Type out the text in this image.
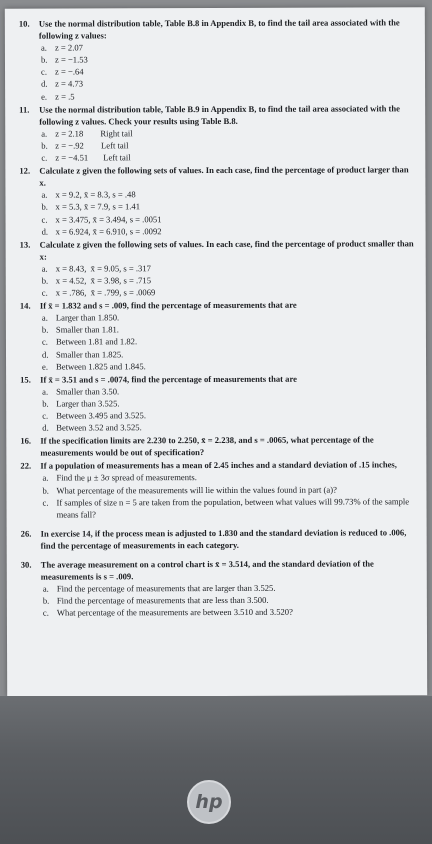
10.	Use the normal distribution table, Table B.8 in Appendix B, to find the tail area associated with the following z values:
a. z = 2.07
b. z = −1.53
c. z = −.64
d. z = 4.73
e. z = .5
11.	Use the normal distribution table, Table B.9 in Appendix B, to find the tail area associated with the following z values. Check your results using Table B.8.
a. z = 2.18        Right tail
b. z = −.92        Left tail
c. z = −4.51       Left tail
12.	Calculate z given the following sets of values. In each case, find the percentage of product larger than x.
a. x = 9.2, x̄ = 8.3, s = .48
b. x = 5.3, x̄ = 7.9, s = 1.41
c. x = 3.475, x̄ = 3.494, s = .0051
d. x = 6.924, x̄ = 6.910, s = .0092
13.	Calculate z given the following sets of values. In each case, find the percentage of product smaller than x:
a. x = 8.43,  x̄ = 9.05, s = .317
b. x = 4.52,  x̄ = 3.98, s = .715
c. x = .786,  x̄ = .799, s = .0069
14.	If x̄ = 1.832 and s = .009, find the percentage of measurements that are
a. Larger than 1.850.
b. Smaller than 1.81.
c. Between 1.81 and 1.82.
d. Smaller than 1.825.
e. Between 1.825 and 1.845.
15.	If x̄ = 3.51 and s = .0074, find the percentage of measurements that are
a. Smaller than 3.50.
b. Larger than 3.525.
c. Between 3.495 and 3.525.
d. Between 3.52 and 3.525.
16.	If the specification limits are 2.230 to 2.250, x̄ = 2.238, and s = .0065, what percentage of the measurements would be out of specification?
22.	If a population of measurements has a mean of 2.45 inches and a standard deviation of .15 inches,
a. Find the μ ± 3σ spread of measurements.
b. What percentage of the measurements will lie within the values found in part (a)?
c. If samples of size n = 5 are taken from the population, between what values will 99.73% of the sample means fall?
26.	In exercise 14, if the process mean is adjusted to 1.830 and the standard deviation is reduced to .006, find the percentage of measurements in each category.
30.	The average measurement on a control chart is x̄ = 3.514, and the standard deviation of the measurements is s = .009.
a. Find the percentage of measurements that are larger than 3.525.
b. Find the percentage of measurements that are less than 3.500.
c. What percentage of the measurements are between 3.510 and 3.520?
hp
